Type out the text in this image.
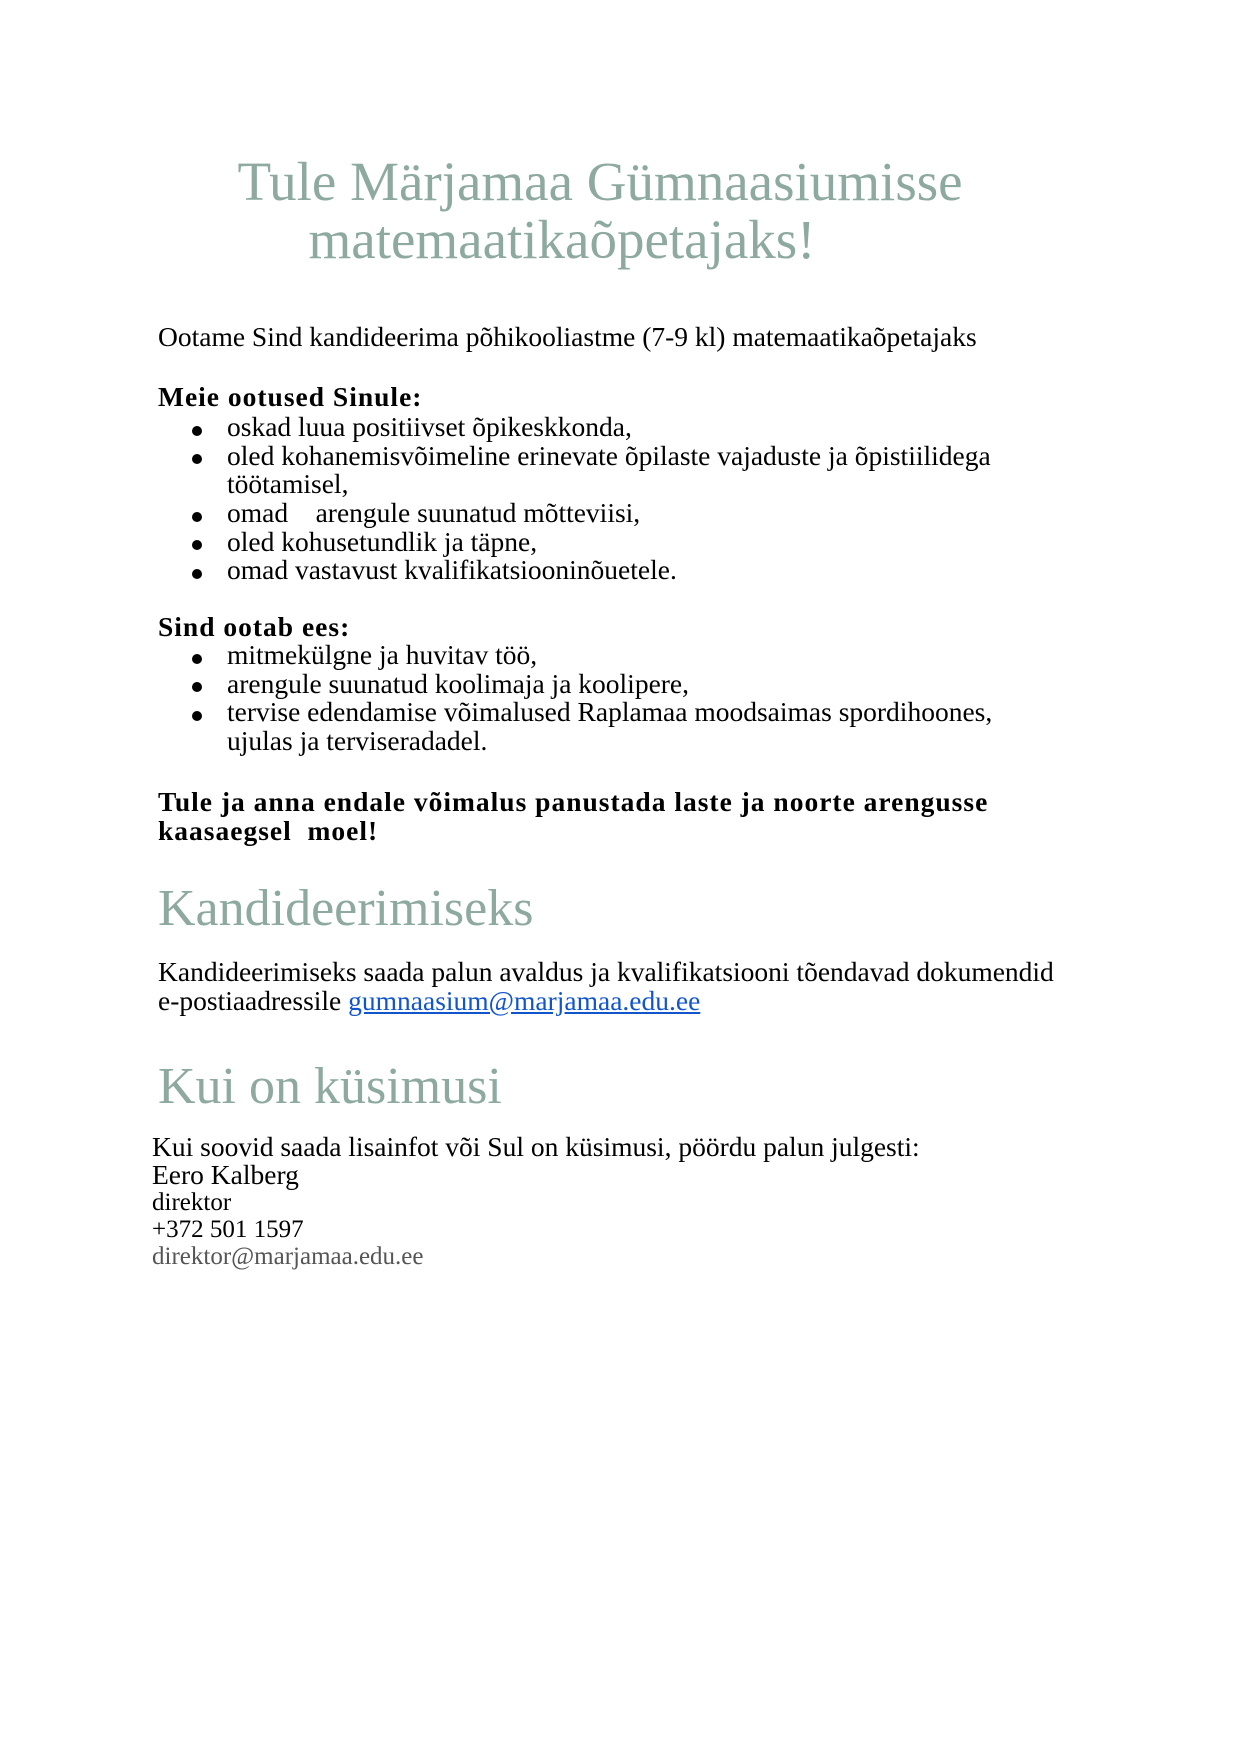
Tule Märjamaa Gümnaasiumisse
matemaatikaõpetajaks!
Ootame Sind kandideerima põhikooliastme (7-9 kl) matemaatikaõpetajaks
Meie ootused Sinule:
oskad luua positiivset õpikeskkonda,
oled kohanemisvõimeline erinevate õpilaste vajaduste ja õpistiilidega
töötamisel,
omad    arengule suunatud mõtteviisi,
oled kohusetundlik ja täpne,
omad vastavust kvalifikatsiooninõuetele.
Sind ootab ees:
mitmekülgne ja huvitav töö,
arengule suunatud koolimaja ja koolipere,
tervise edendamise võimalused Raplamaa moodsaimas spordihoones,
ujulas ja terviseradadel.
Tule ja anna endale võimalus panustada laste ja noorte arengusse
kaasaegsel  moel!
Kandideerimiseks
Kandideerimiseks saada palun avaldus ja kvalifikatsiooni tõendavad dokumendid
e-postiaadressile gumnaasium@marjamaa.edu.ee
Kui on küsimusi
Kui soovid saada lisainfot või Sul on küsimusi, pöördu palun julgesti:
Eero Kalberg
direktor
+372 501 1597
direktor@marjamaa.edu.ee
